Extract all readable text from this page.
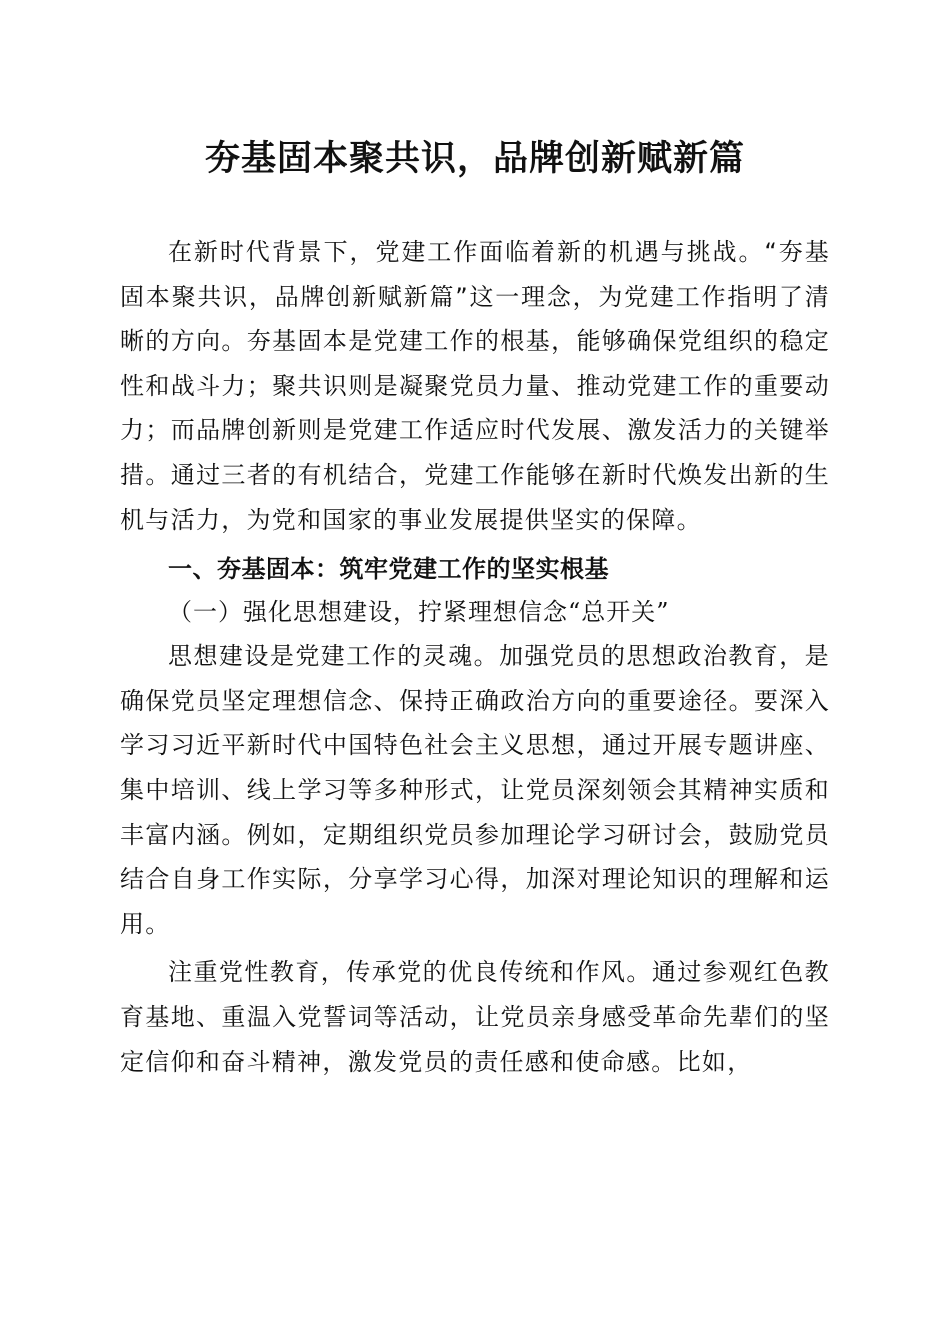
夯基固本聚共识，品牌创新赋新篇

在新时代背景下，党建工作面临着新的机遇与挑战。“夯基固本聚共识，品牌创新赋新篇”这一理念，为党建工作指明了清晰的方向。夯基固本是党建工作的根基，能够确保党组织的稳定性和战斗力；聚共识则是凝聚党员力量、推动党建工作的重要动力；而品牌创新则是党建工作适应时代发展、激发活力的关键举措。通过三者的有机结合，党建工作能够在新时代焕发出新的生机与活力，为党和国家的事业发展提供坚实的保障。

一、夯基固本：筑牢党建工作的坚实根基
（一）强化思想建设，拧紧理想信念“总开关”

思想建设是党建工作的灵魂。加强党员的思想政治教育，是确保党员坚定理想信念、保持正确政治方向的重要途径。要深入学习习近平新时代中国特色社会主义思想，通过开展专题讲座、集中培训、线上学习等多种形式，让党员深刻领会其精神实质和丰富内涵。例如，定期组织党员参加理论学习研讨会，鼓励党员结合自身工作实际，分享学习心得，加深对理论知识的理解和运用。

注重党性教育，传承党的优良传统和作风。通过参观红色教育基地、重温入党誓词等活动，让党员亲身感受革命先辈们的坚定信仰和奋斗精神，激发党员的责任感和使命感。比如，
